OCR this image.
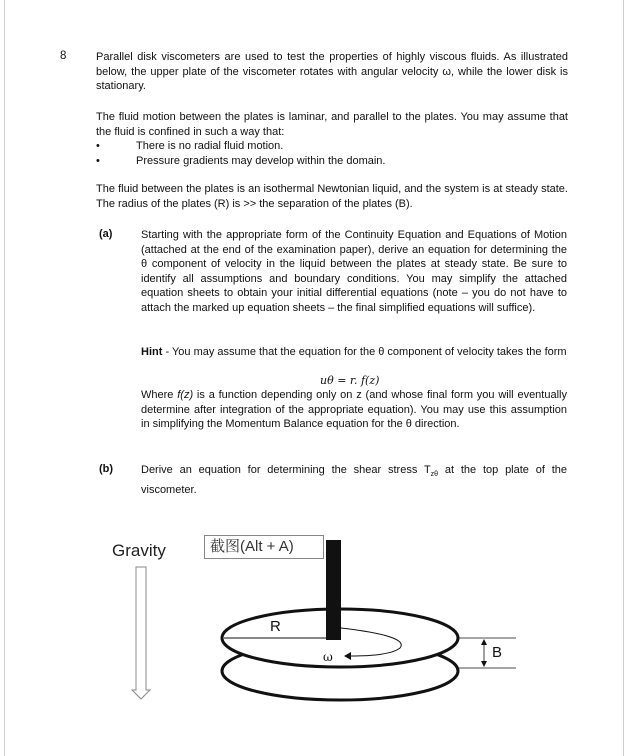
8	Parallel disk viscometers are used to test the properties of highly viscous fluids. As illustrated below, the upper plate of the viscometer rotates with angular velocity ω, while the lower disk is stationary.
The fluid motion between the plates is laminar, and parallel to the plates. You may assume that the fluid is confined in such a way that:
•	There is no radial fluid motion.
•	Pressure gradients may develop within the domain.
The fluid between the plates is an isothermal Newtonian liquid, and the system is at steady state. The radius of the plates (R) is >> the separation of the plates (B).
(a)	Starting with the appropriate form of the Continuity Equation and Equations of Motion (attached at the end of the examination paper), derive an equation for determining the θ component of velocity in the liquid between the plates at steady state. Be sure to identify all assumptions and boundary conditions. You may simplify the attached equation sheets to obtain your initial differential equations (note – you do not have to attach the marked up equation sheets – the final simplified equations will suffice).
Hint - You may assume that the equation for the θ component of velocity takes the form
uθ = r. f(z)
Where f(z) is a function depending only on z (and whose final form you will eventually determine after integration of the appropriate equation). You may use this assumption in simplifying the Momentum Balance equation for the θ direction.
(b)	Derive an equation for determining the shear stress $T_{z\theta}$ at the top plate of the viscometer.
Gravity	截图(Alt + A)
R
B
ω
